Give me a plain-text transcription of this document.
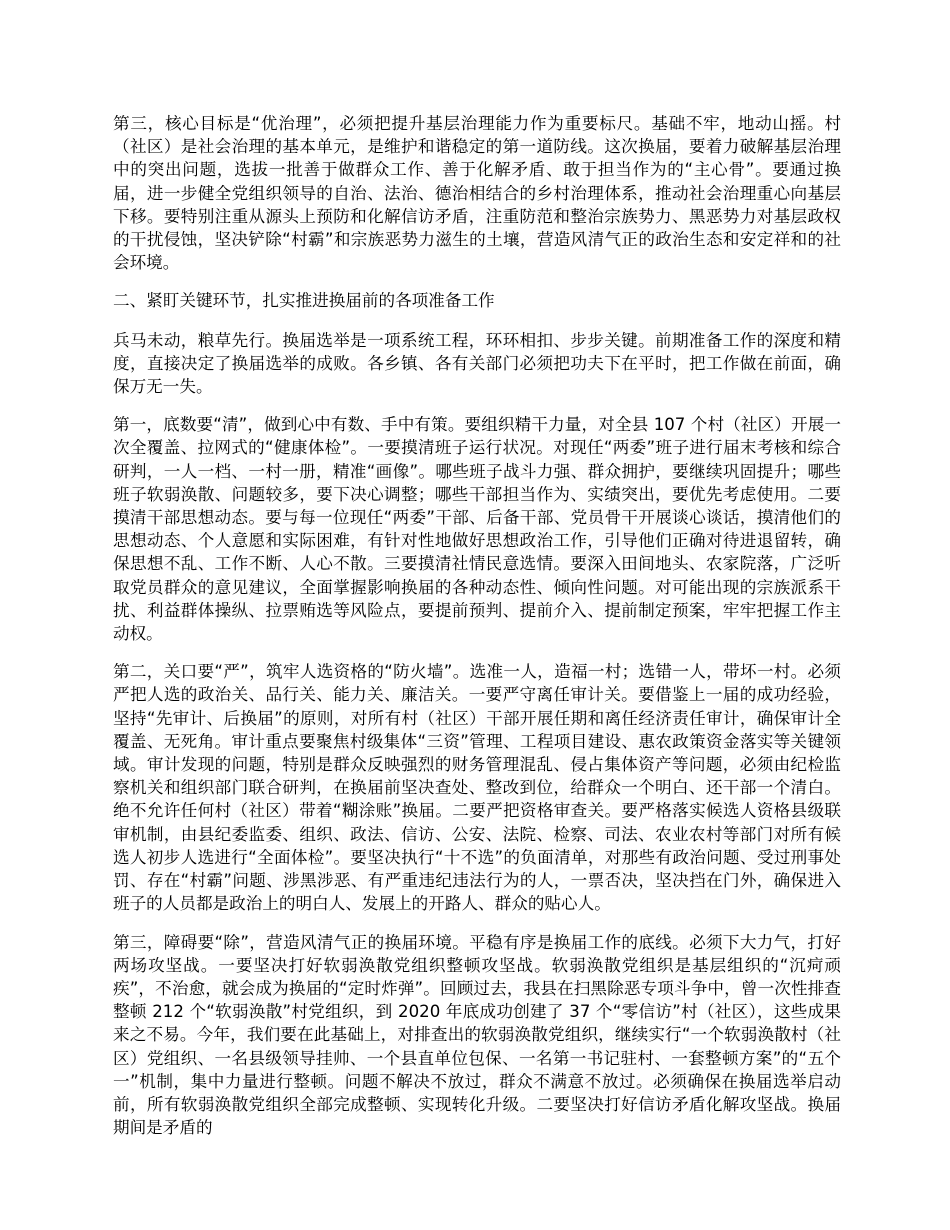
第三，核心目标是“优治理”，必须把提升基层治理能力作为重要标尺。基础不牢，地动山摇。村（社区）是社会治理的基本单元，是维护和谐稳定的第一道防线。这次换届，要着力破解基层治理中的突出问题，选拔一批善于做群众工作、善于化解矛盾、敢于担当作为的“主心骨”。要通过换届，进一步健全党组织领导的自治、法治、德治相结合的乡村治理体系，推动社会治理重心向基层下移。要特别注重从源头上预防和化解信访矛盾，注重防范和整治宗族势力、黑恶势力对基层政权的干扰侵蚀，坚决铲除“村霸”和宗族恶势力滋生的土壤，营造风清气正的政治生态和安定祥和的社会环境。

二、紧盯关键环节，扎实推进换届前的各项准备工作

兵马未动，粮草先行。换届选举是一项系统工程，环环相扣、步步关键。前期准备工作的深度和精度，直接决定了换届选举的成败。各乡镇、各有关部门必须把功夫下在平时，把工作做在前面，确保万无一失。

第一，底数要“清”，做到心中有数、手中有策。要组织精干力量，对全县 107 个村（社区）开展一次全覆盖、拉网式的“健康体检”。一要摸清班子运行状况。对现任“两委”班子进行届末考核和综合研判，一人一档、一村一册，精准“画像”。哪些班子战斗力强、群众拥护，要继续巩固提升；哪些班子软弱涣散、问题较多，要下决心调整；哪些干部担当作为、实绩突出，要优先考虑使用。二要摸清干部思想动态。要与每一位现任“两委”干部、后备干部、党员骨干开展谈心谈话，摸清他们的思想动态、个人意愿和实际困难，有针对性地做好思想政治工作，引导他们正确对待进退留转，确保思想不乱、工作不断、人心不散。三要摸清社情民意选情。要深入田间地头、农家院落，广泛听取党员群众的意见建议，全面掌握影响换届的各种动态性、倾向性问题。对可能出现的宗族派系干扰、利益群体操纵、拉票贿选等风险点，要提前预判、提前介入、提前制定预案，牢牢把握工作主动权。

第二，关口要“严”，筑牢人选资格的“防火墙”。选准一人，造福一村；选错一人，带坏一村。必须严把人选的政治关、品行关、能力关、廉洁关。一要严守离任审计关。要借鉴上一届的成功经验，坚持“先审计、后换届”的原则，对所有村（社区）干部开展任期和离任经济责任审计，确保审计全覆盖、无死角。审计重点要聚焦村级集体“三资”管理、工程项目建设、惠农政策资金落实等关键领域。审计发现的问题，特别是群众反映强烈的财务管理混乱、侵占集体资产等问题，必须由纪检监察机关和组织部门联合研判，在换届前坚决查处、整改到位，给群众一个明白、还干部一个清白。绝不允许任何村（社区）带着“糊涂账”换届。二要严把资格审查关。要严格落实候选人资格县级联审机制，由县纪委监委、组织、政法、信访、公安、法院、检察、司法、农业农村等部门对所有候选人初步人选进行“全面体检”。要坚决执行“十不选”的负面清单，对那些有政治问题、受过刑事处罚、存在“村霸”问题、涉黑涉恶、有严重违纪违法行为的人，一票否决，坚决挡在门外，确保进入班子的人员都是政治上的明白人、发展上的开路人、群众的贴心人。

第三，障碍要“除”，营造风清气正的换届环境。平稳有序是换届工作的底线。必须下大力气，打好两场攻坚战。一要坚决打好软弱涣散党组织整顿攻坚战。软弱涣散党组织是基层组织的“沉疴顽疾”，不治愈，就会成为换届的“定时炸弹”。回顾过去，我县在扫黑除恶专项斗争中，曾一次性排查整顿 212 个“软弱涣散”村党组织，到 2020 年底成功创建了 37 个“零信访”村（社区），这些成果来之不易。今年，我们要在此基础上，对排查出的软弱涣散党组织，继续实行“一个软弱涣散村（社区）党组织、一名县级领导挂帅、一个县直单位包保、一名第一书记驻村、一套整顿方案”的“五个一”机制，集中力量进行整顿。问题不解决不放过，群众不满意不放过。必须确保在换届选举启动前，所有软弱涣散党组织全部完成整顿、实现转化升级。二要坚决打好信访矛盾化解攻坚战。换届期间是矛盾的
